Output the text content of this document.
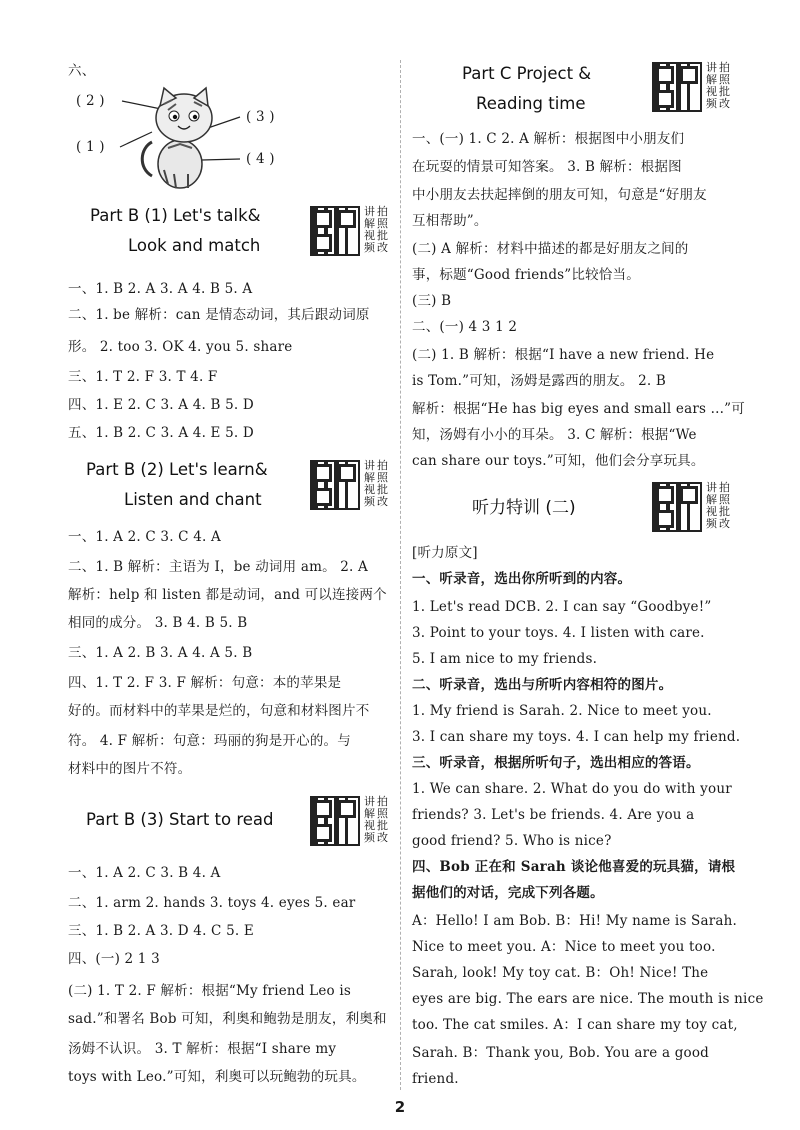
六、
( 2 )
( 1 )
( 3 )
( 4 )
Part B (1) Let's talk&
Look and match
讲拍解照视批频改
一、1. B 2. A 3. A 4. B 5. A
二、1. be 解析：can 是情态动词，其后跟动词原
形。 2. too 3. OK 4. you 5. share
三、1. T 2. F 3. T 4. F
四、1. E 2. C 3. A 4. B 5. D
五、1. B 2. C 3. A 4. E 5. D
Part B (2) Let's learn&
Listen and chant
讲拍解照视批频改
一、1. A 2. C 3. C 4. A
二、1. B 解析：主语为 I，be 动词用 am。 2. A
解析：help 和 listen 都是动词，and 可以连接两个
相同的成分。 3. B 4. B 5. B
三、1. A 2. B 3. A 4. A 5. B
四、1. T 2. F 3. F 解析：句意：本的苹果是
好的。而材料中的苹果是烂的，句意和材料图片不
符。 4. F 解析：句意：玛丽的狗是开心的。与
材料中的图片不符。
Part B (3) Start to read
讲拍解照视批频改
一、1. A 2. C 3. B 4. A
二、1. arm 2. hands 3. toys 4. eyes 5. ear
三、1. B 2. A 3. D 4. C 5. E
四、(一) 2 1 3
(二) 1. T 2. F 解析：根据“My friend Leo is
sad.”和署名 Bob 可知，利奥和鲍勃是朋友，利奥和
汤姆不认识。 3. T 解析：根据“I share my
toys with Leo.”可知，利奥可以玩鲍勃的玩具。
Part C Project &
Reading time
讲拍解照视批频改
一、(一) 1. C 2. A 解析：根据图中小朋友们
在玩耍的情景可知答案。 3. B 解析：根据图
中小朋友去扶起摔倒的朋友可知，句意是“好朋友
互相帮助”。
(二) A 解析：材料中描述的都是好朋友之间的
事，标题“Good friends”比较恰当。
(三) B
二、(一) 4 3 1 2
(二) 1. B 解析：根据“I have a new friend. He
is Tom.”可知，汤姆是露西的朋友。 2. B
解析：根据“He has big eyes and small ears ...”可
知，汤姆有小小的耳朵。 3. C 解析：根据“We
can share our toys.”可知，他们会分享玩具。
听力特训 (二)
讲拍解照视批频改
[听力原文]
一、听录音，选出你所听到的内容。
1. Let's read DCB. 2. I can say “Goodbye!”
3. Point to your toys. 4. I listen with care.
5. I am nice to my friends.
二、听录音，选出与所听内容相符的图片。
1. My friend is Sarah. 2. Nice to meet you.
3. I can share my toys. 4. I can help my friend.
三、听录音，根据所听句子，选出相应的答语。
1. We can share. 2. What do you do with your
friends? 3. Let's be friends. 4. Are you a
good friend? 5. Who is nice?
四、Bob 正在和 Sarah 谈论他喜爱的玩具猫，请根
据他们的对话，完成下列各题。
A：Hello! I am Bob. B：Hi! My name is Sarah.
Nice to meet you. A：Nice to meet you too.
Sarah, look! My toy cat. B：Oh! Nice! The
eyes are big. The ears are nice. The mouth is nice
too. The cat smiles. A：I can share my toy cat,
Sarah. B：Thank you, Bob. You are a good
friend.
2
